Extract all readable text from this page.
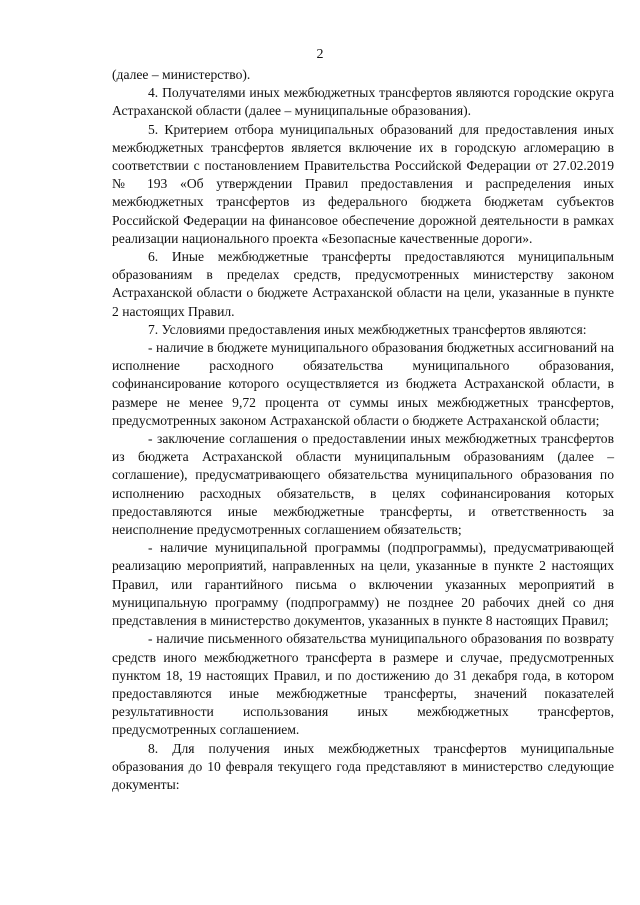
2

(далее – министерство).

4. Получателями иных межбюджетных трансфертов являются городские округа Астраханской области (далее – муниципальные образования).

5. Критерием отбора муниципальных образований для предоставления иных межбюджетных трансфертов является включение их в городскую агломерацию в соответствии с постановлением Правительства Российской Федерации от 27.02.2019 № 193 «Об утверждении Правил предоставления и распределения иных межбюджетных трансфертов из федерального бюджета бюджетам субъектов Российской Федерации на финансовое обеспечение дорожной деятельности в рамках реализации национального проекта «Безопасные качественные дороги».

6. Иные межбюджетные трансферты предоставляются муниципальным образованиям в пределах средств, предусмотренных министерству законом Астраханской области о бюджете Астраханской области на цели, указанные в пункте 2 настоящих Правил.

7. Условиями предоставления иных межбюджетных трансфертов являются:

- наличие в бюджете муниципального образования бюджетных ассигнований на исполнение расходного обязательства муниципального образования, софинансирование которого осуществляется из бюджета Астраханской области, в размере не менее 9,72 процента от суммы иных межбюджетных трансфертов, предусмотренных законом Астраханской области о бюджете Астраханской области;

- заключение соглашения о предоставлении иных межбюджетных трансфертов из бюджета Астраханской области муниципальным образованиям (далее – соглашение), предусматривающего обязательства муниципального образования по исполнению расходных обязательств, в целях софинансирования которых предоставляются иные межбюджетные трансферты, и ответственность за неисполнение предусмотренных соглашением обязательств;

- наличие муниципальной программы (подпрограммы), предусматривающей реализацию мероприятий, направленных на цели, указанные в пункте 2 настоящих Правил, или гарантийного письма о включении указанных мероприятий в муниципальную программу (подпрограмму) не позднее 20 рабочих дней со дня представления в министерство документов, указанных в пункте 8 настоящих Правил;

- наличие письменного обязательства муниципального образования по возврату средств иного межбюджетного трансферта в размере и случае, предусмотренных пунктом 18, 19 настоящих Правил, и по достижению до 31 декабря года, в котором предоставляются иные межбюджетные трансферты, значений показателей результативности использования иных межбюджетных трансфертов, предусмотренных соглашением.

8. Для получения иных межбюджетных трансфертов муниципальные образования до 10 февраля текущего года представляют в министерство следующие документы:
